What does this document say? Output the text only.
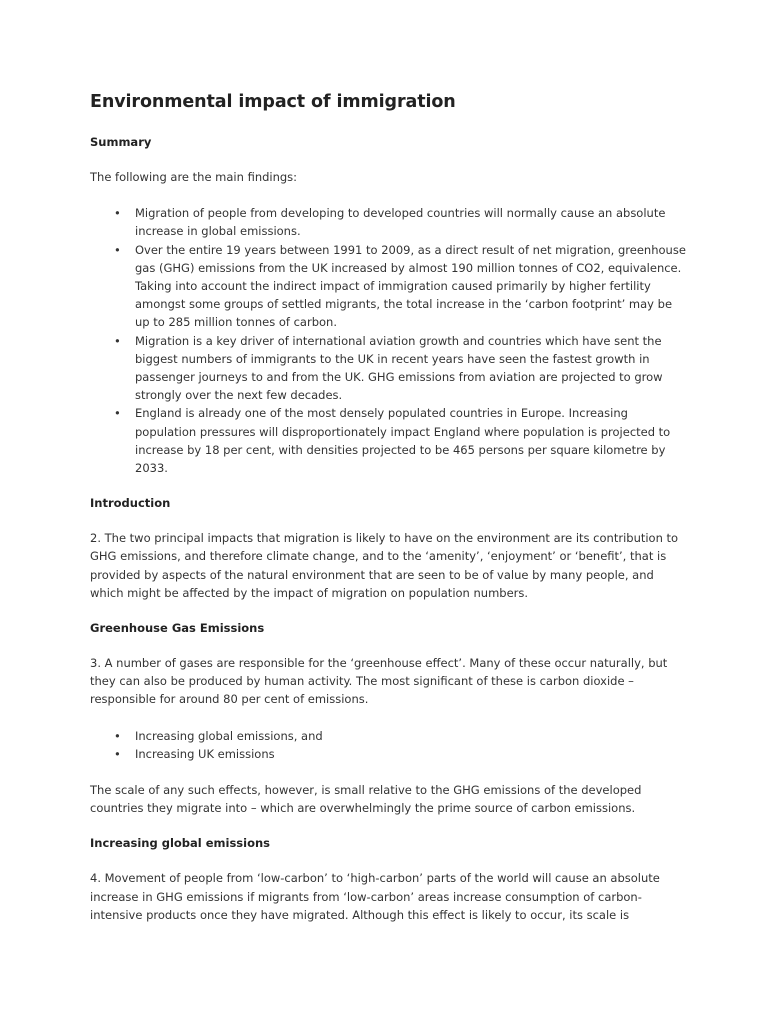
Environmental impact of immigration
Summary

The following are the main findings:

• Migration of people from developing to developed countries will normally cause an absolute increase in global emissions.
• Over the entire 19 years between 1991 to 2009, as a direct result of net migration, greenhouse gas (GHG) emissions from the UK increased by almost 190 million tonnes of CO2, equivalence. Taking into account the indirect impact of immigration caused primarily by higher fertility amongst some groups of settled migrants, the total increase in the ‘carbon footprint’ may be up to 285 million tonnes of carbon.
• Migration is a key driver of international aviation growth and countries which have sent the biggest numbers of immigrants to the UK in recent years have seen the fastest growth in passenger journeys to and from the UK. GHG emissions from aviation are projected to grow strongly over the next few decades.
• England is already one of the most densely populated countries in Europe. Increasing population pressures will disproportionately impact England where population is projected to increase by 18 per cent, with densities projected to be 465 persons per square kilometre by 2033.
Introduction

2. The two principal impacts that migration is likely to have on the environment are its contribution to GHG emissions, and therefore climate change, and to the ‘amenity’, ‘enjoyment’ or ‘benefit’, that is provided by aspects of the natural environment that are seen to be of value by many people, and which might be affected by the impact of migration on population numbers.

Greenhouse Gas Emissions

3. A number of gases are responsible for the ‘greenhouse effect’. Many of these occur naturally, but they can also be produced by human activity. The most significant of these is carbon dioxide – responsible for around 80 per cent of emissions.

• Increasing global emissions, and
• Increasing UK emissions

The scale of any such effects, however, is small relative to the GHG emissions of the developed countries they migrate into – which are overwhelmingly the prime source of carbon emissions.

Increasing global emissions

4. Movement of people from ‘low-carbon’ to ‘high-carbon’ parts of the world will cause an absolute increase in GHG emissions if migrants from ‘low-carbon’ areas increase consumption of carbon-intensive products once they have migrated. Although this effect is likely to occur, its scale is
